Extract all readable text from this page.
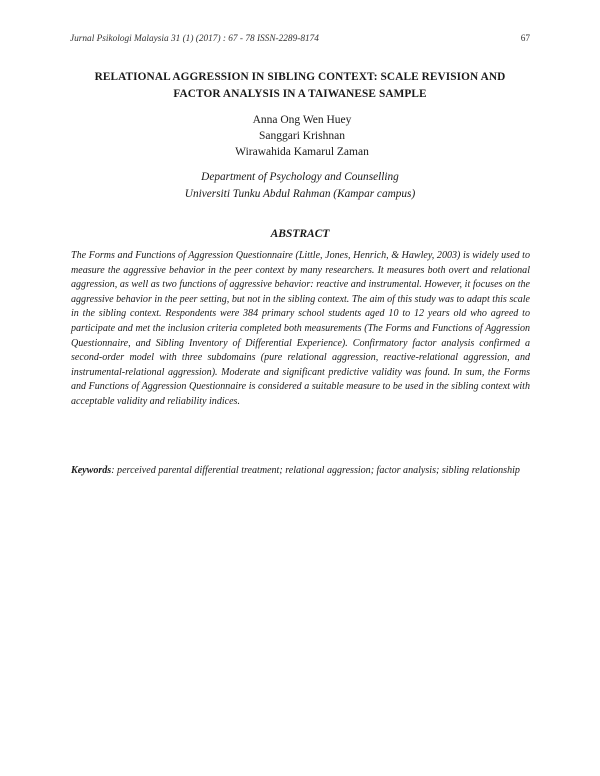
Jurnal Psikologi Malaysia 31 (1) (2017) : 67 - 78 ISSN-2289-8174	67
RELATIONAL AGGRESSION IN SIBLING CONTEXT: SCALE REVISION AND
FACTOR ANALYSIS IN A TAIWANESE SAMPLE
Anna Ong Wen Huey
Sanggari Krishnan
Wirawahida Kamarul Zaman
Department of Psychology and Counselling
Universiti Tunku Abdul Rahman (Kampar campus)
ABSTRACT
The Forms and Functions of Aggression Questionnaire (Little, Jones, Henrich, & Hawley, 2003) is widely used to measure the aggressive behavior in the peer context by many researchers. It measures both overt and relational aggression, as well as two functions of aggressive behavior: reactive and instrumental. However, it focuses on the aggressive behavior in the peer setting, but not in the sibling context. The aim of this study was to adapt this scale in the sibling context. Respondents were 384 primary school students aged 10 to 12 years old who agreed to participate and met the inclusion criteria completed both measurements (The Forms and Functions of Aggression Questionnaire, and Sibling Inventory of Differential Experience). Confirmatory factor analysis confirmed a second-order model with three subdomains (pure relational aggression, reactive-relational aggression, and instrumental-relational aggression). Moderate and significant predictive validity was found. In sum, the Forms and Functions of Aggression Questionnaire is considered a suitable measure to be used in the sibling context with acceptable validity and reliability indices.
Keywords: perceived parental differential treatment; relational aggression; factor analysis; sibling relationship
